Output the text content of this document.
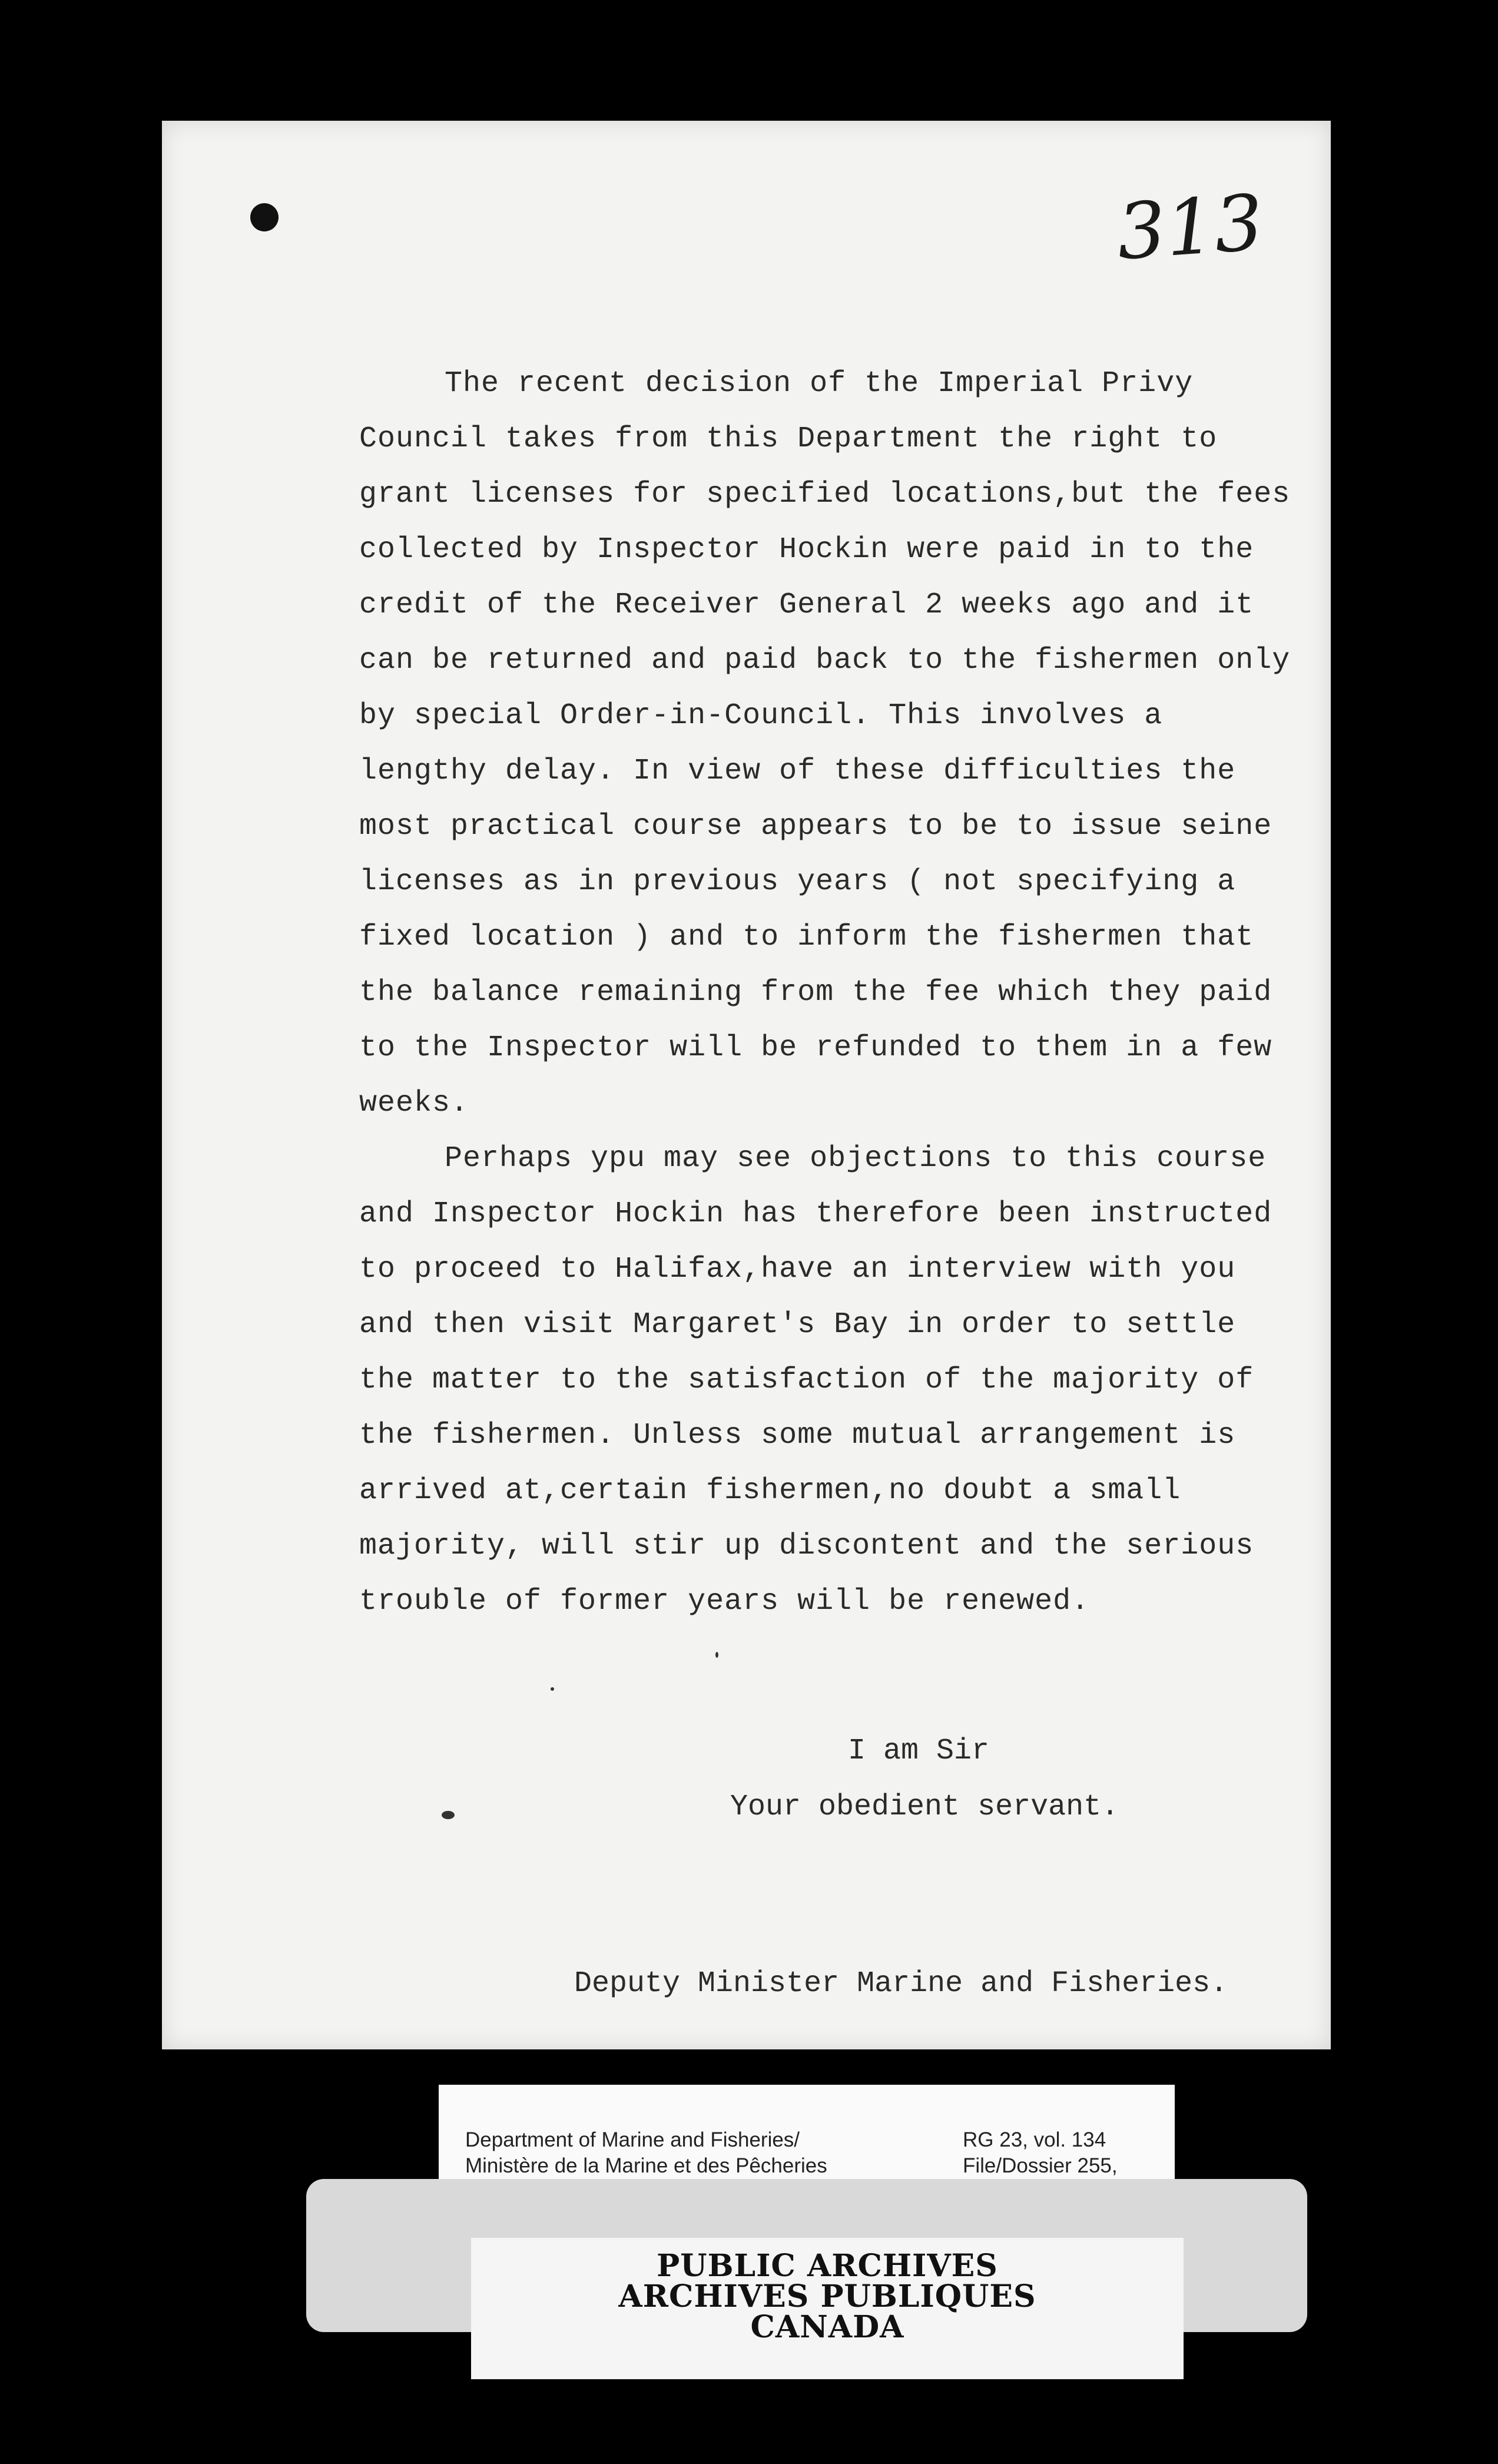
313

The recent decision of the Imperial Privy Council takes from this Department the right to grant licenses for specified locations,but the fees collected by Inspector Hockin were paid in to the credit of the Receiver General 2 weeks ago and it can be returned and paid back to the fishermen only by special Order-in-Council. This involves a lengthy delay. In view of these difficulties the most practical course appears to be to issue seine licenses as in previous years ( not specifying a fixed location ) and to inform the fishermen that the balance remaining from the fee which they paid to the Inspector will be refunded to them in a few weeks.

Perhaps ypu may see objections to this course and Inspector Hockin has therefore been instructed to proceed to Halifax,have an interview with you and then visit Margaret's Bay in order to settle the matter to the satisfaction of the majority of the fishermen. Unless some mutual arrangement is arrived at,certain fishermen,no doubt a small majority, will stir up discontent and the serious trouble of former years will be renewed.

I am Sir
Your obedient servant.
Deputy Minister Marine and Fisheries.
Department of Marine and Fisheries/
Ministère de la Marine et des Pêcheries
RG 23, vol. 134
File/Dossier 255,
PUBLIC ARCHIVES
ARCHIVES PUBLIQUES
CANADA
